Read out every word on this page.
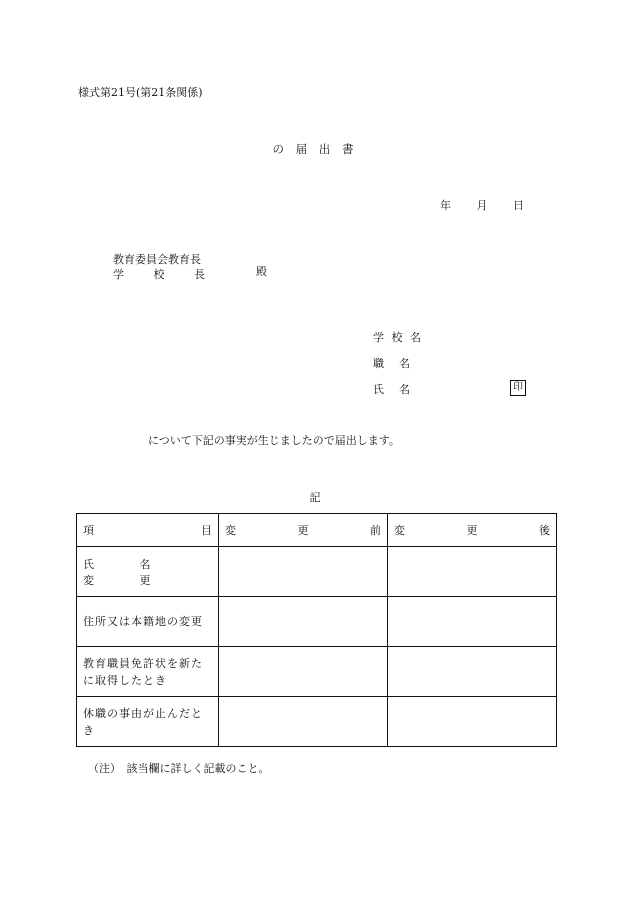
様式第21号(第21条関係)
の 届 出 書
年 月 日
教育委員会教育長
学	校	長	殿
学 校 名
職　名
氏　名	印
について下記の事実が生じましたので届出します。
記
項 目	変 更 前	変 更 後

氏 名 変 更		

住所又は本籍地の変更		

教育職員免許状を新たに取得したとき		

休職の事由が止んだとき		

（注）　該当欄に詳しく記載のこと。
